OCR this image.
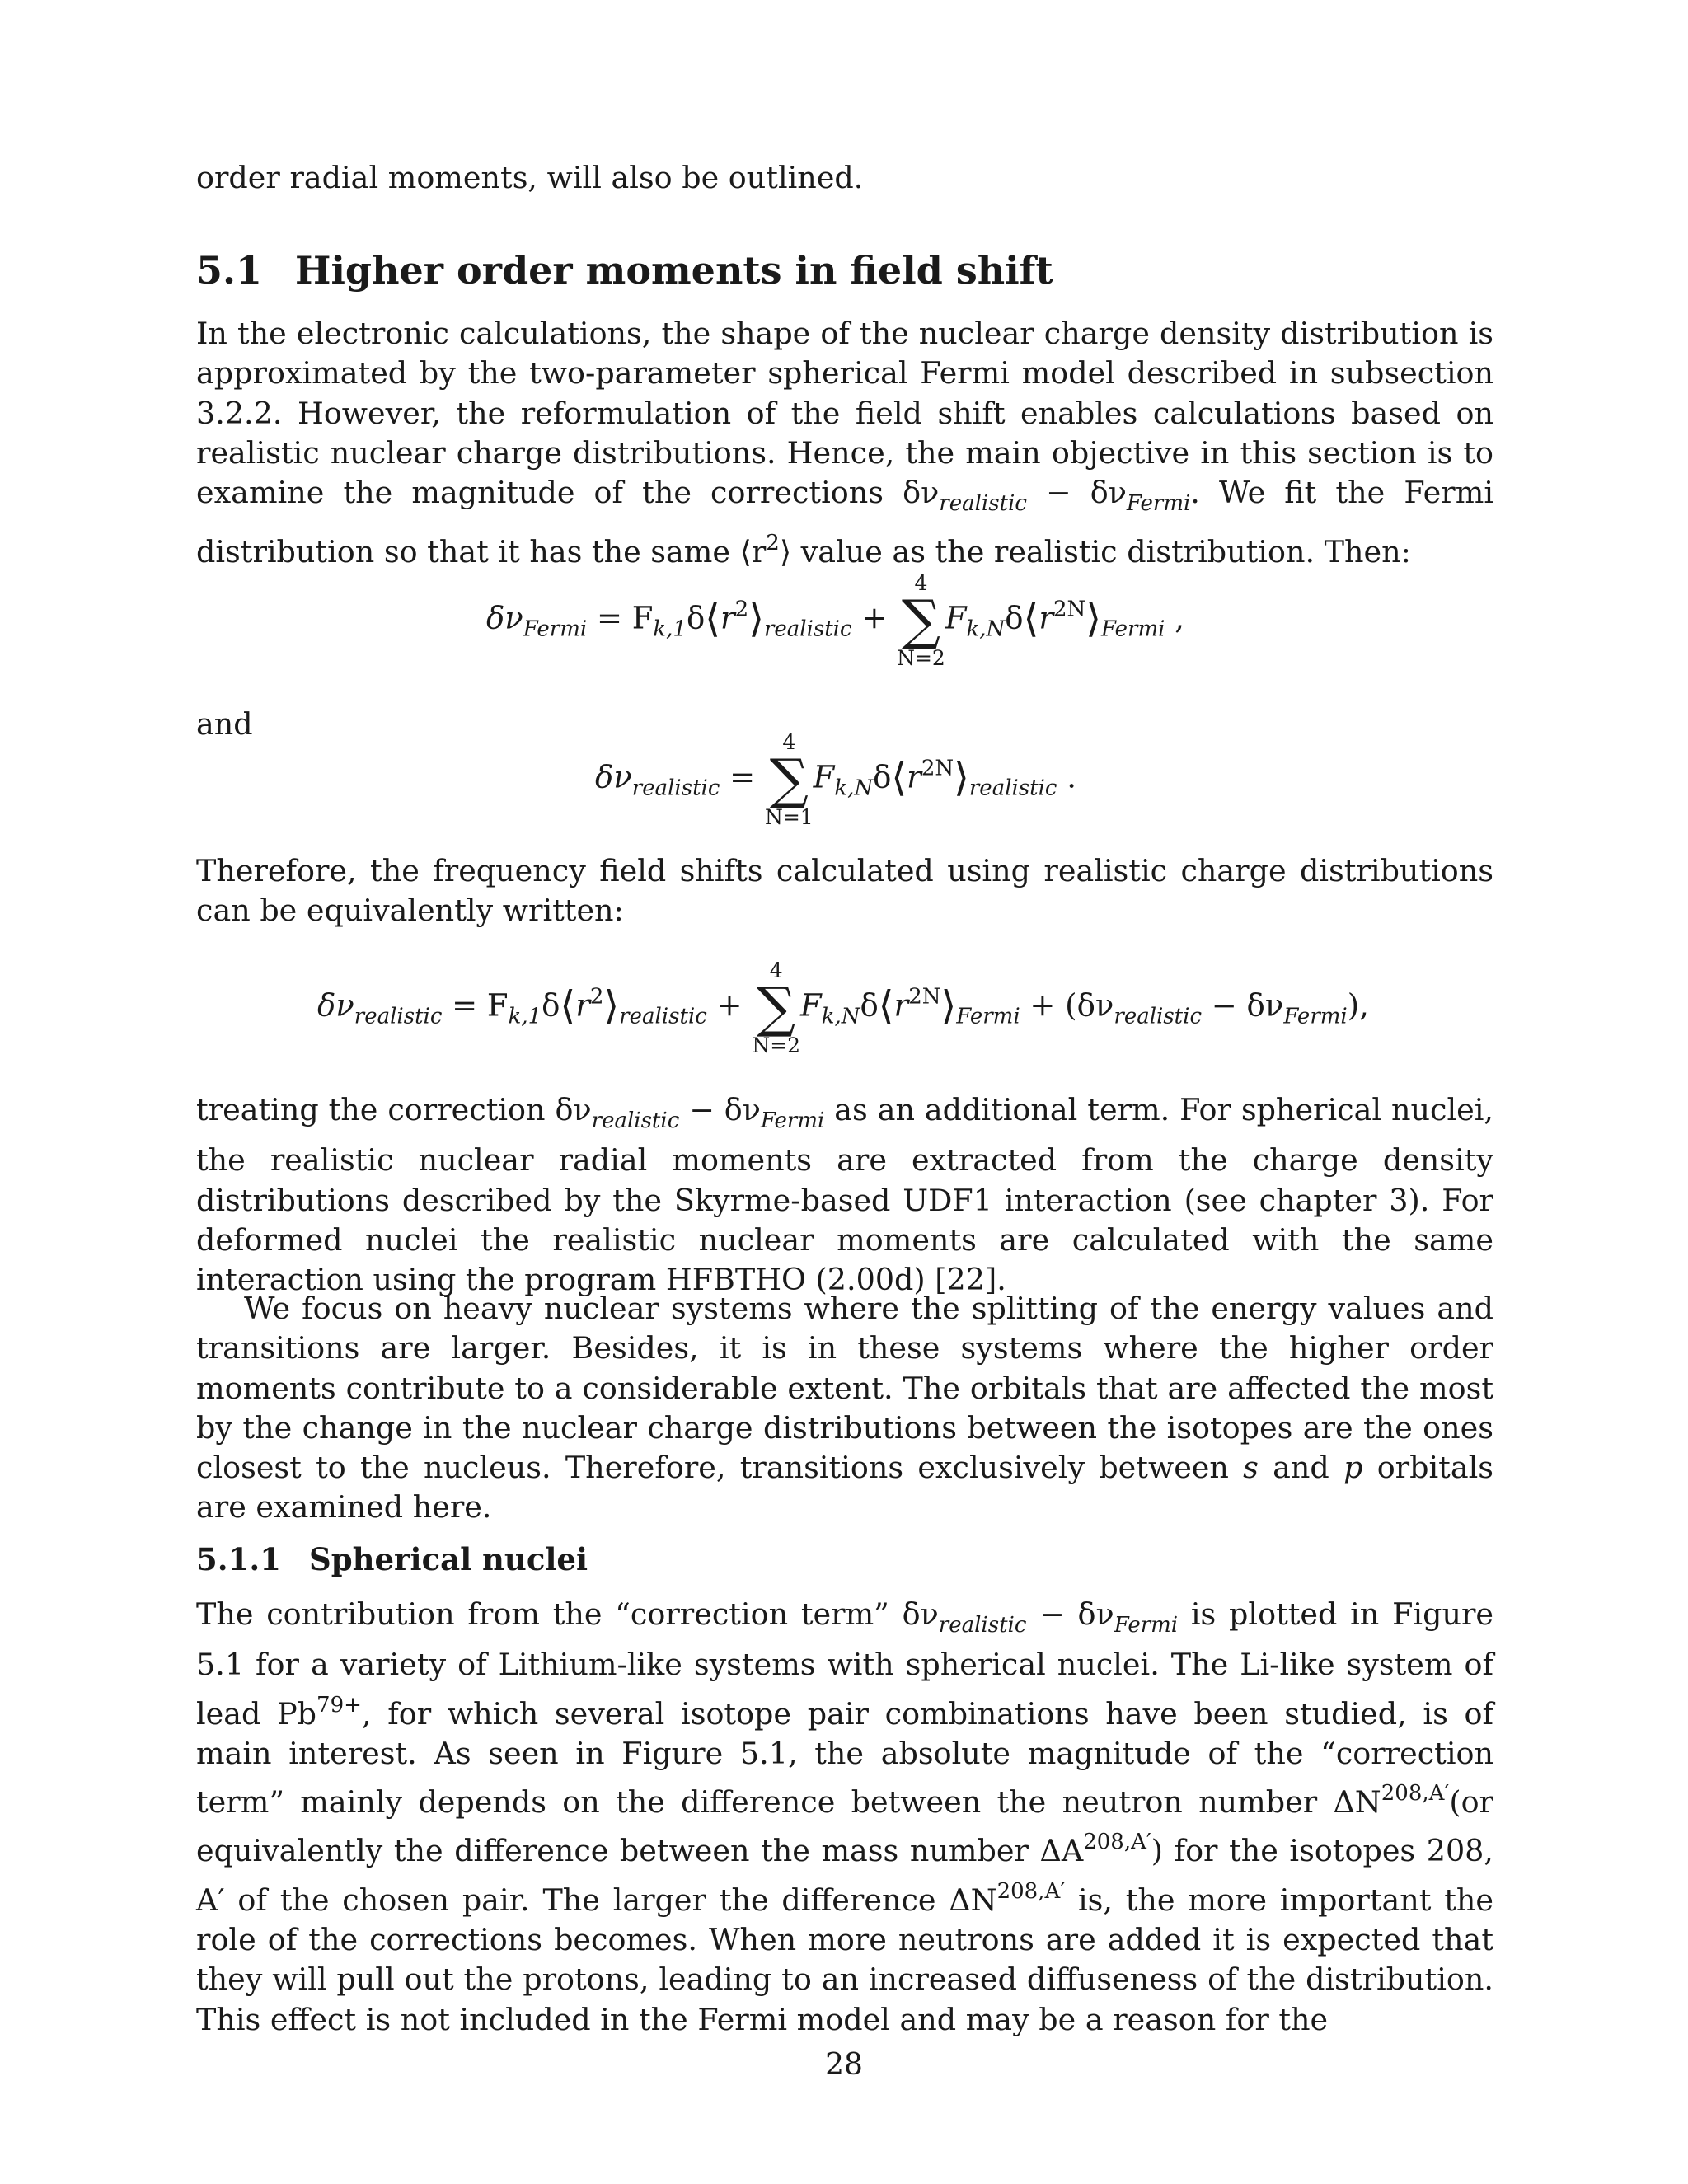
order radial moments, will also be outlined.

5.1 Higher order moments in field shift

In the electronic calculations, the shape of the nuclear charge density distribution is approximated by the two-parameter spherical Fermi model described in subsection 3.2.2. However, the reformulation of the field shift enables calculations based on realistic nuclear charge distributions. Hence, the main objective in this section is to examine the magnitude of the corrections $\delta\nu_{realistic} - \delta\nu_{Fermi}$. We fit the Fermi distribution so that it has the same $⟨r^2⟩$ value as the realistic distribution. Then:

$\delta\nu_{Fermi}$ = $F_{k,1}\delta⟨r^2⟩_{realistic}$ +
4
∑
N=2
$F_{k,N}\delta⟨r^{2N}⟩_{Fermi}$ ,

and

$\delta\nu_{realistic}$ =
4
∑
N=1
$F_{k,N}\delta⟨r^{2N}⟩_{realistic}$ .

Therefore, the frequency field shifts calculated using realistic charge distributions can be equivalently written:

$\delta\nu_{realistic}$ = $F_{k,1}\delta⟨r^2⟩_{realistic}$ +
4
∑
N=2
$F_{k,N}\delta⟨r^{2N}⟩_{Fermi} + (\delta\nu_{realistic} - \delta\nu_{Fermi})$,

treating the correction $\delta\nu_{realistic} - \delta\nu_{Fermi}$ as an additional term. For spherical nuclei, the realistic nuclear radial moments are extracted from the charge density distributions described by the Skyrme-based UDF1 interaction (see chapter 3). For deformed nuclei the realistic nuclear moments are calculated with the same interaction using the program HFBTHO (2.00d) [22].

We focus on heavy nuclear systems where the splitting of the energy values and transitions are larger. Besides, it is in these systems where the higher order moments contribute to a considerable extent. The orbitals that are affected the most by the change in the nuclear charge distributions between the isotopes are the ones closest to the nucleus. Therefore, transitions exclusively between s and p orbitals are examined here.

5.1.1 Spherical nuclei

The contribution from the “correction term” $\delta\nu_{realistic} - \delta\nu_{Fermi}$ is plotted in Figure 5.1 for a variety of Lithium-like systems with spherical nuclei. The Li-like system of lead $Pb^{79+}$, for which several isotope pair combinations have been studied, is of main interest. As seen in Figure 5.1, the absolute magnitude of the “correction term” mainly depends on the difference between the neutron number $\Delta N^{208,A'}(or$ equivalently the difference between the mass number $\Delta A^{208,A'}$) for the isotopes 208, A′ of the chosen pair. The larger the difference $\Delta N^{208,A'}$ is, the more important the role of the corrections becomes. When more neutrons are added it is expected that they will pull out the protons, leading to an increased diffuseness of the distribution. This effect is not included in the Fermi model and may be a reason for the

28
